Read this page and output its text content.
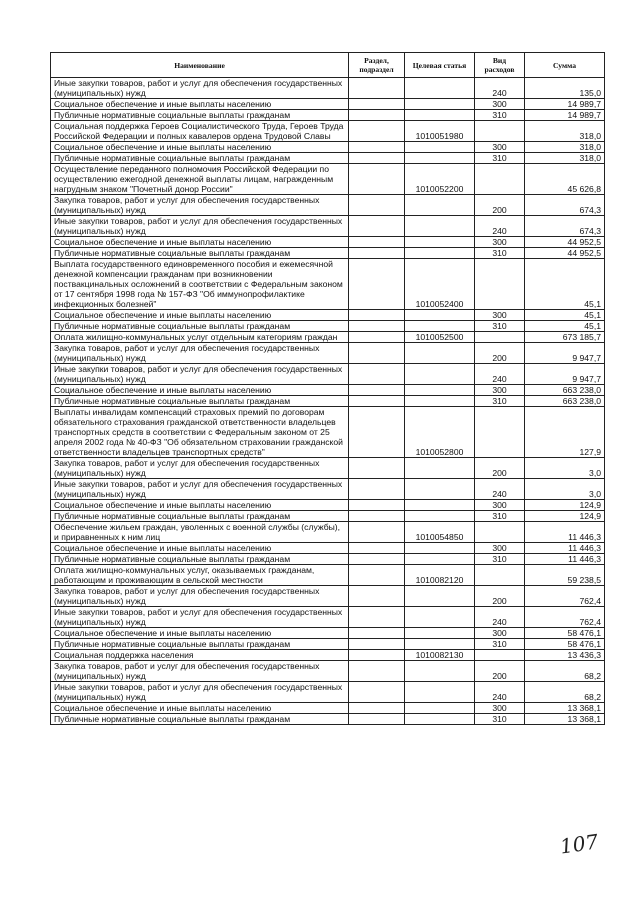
Наименование	Раздел, подраздел	Целевая статья	Вид расходов	Сумма
Иные закупки товаров, работ и услуг для обеспечения государственных (муниципальных) нужд			240	135,0
Социальное обеспечение и иные выплаты населению			300	14 989,7
Публичные нормативные социальные выплаты гражданам			310	14 989,7
Социальная поддержка Героев Социалистического Труда, Героев Труда Российской Федерации и полных кавалеров ордена Трудовой Славы		1010051980		318,0
Социальное обеспечение и иные выплаты населению			300	318,0
Публичные нормативные социальные выплаты гражданам			310	318,0
Осуществление переданного полномочия Российской Федерации по осуществлению ежегодной денежной выплаты лицам, награжденным нагрудным знаком "Почетный донор России"		1010052200		45 626,8
Закупка товаров, работ и услуг для обеспечения государственных (муниципальных) нужд			200	674,3
Иные закупки товаров, работ и услуг для обеспечения государственных (муниципальных) нужд			240	674,3
Социальное обеспечение и иные выплаты населению			300	44 952,5
Публичные нормативные социальные выплаты гражданам			310	44 952,5
Выплата государственного единовременного пособия и ежемесячной денежной компенсации гражданам при возникновении поствакцинальных осложнений в соответствии с Федеральным законом от 17 сентября 1998 года № 157-ФЗ "Об иммунопрофилактике инфекционных болезней"		1010052400		45,1
Социальное обеспечение и иные выплаты населению			300	45,1
Публичные нормативные социальные выплаты гражданам			310	45,1
Оплата жилищно-коммунальных услуг отдельным категориям граждан		1010052500		673 185,7
Закупка товаров, работ и услуг для обеспечения государственных (муниципальных) нужд			200	9 947,7
Иные закупки товаров, работ и услуг для обеспечения государственных (муниципальных) нужд			240	9 947,7
Социальное обеспечение и иные выплаты населению			300	663 238,0
Публичные нормативные социальные выплаты гражданам			310	663 238,0
Выплаты инвалидам компенсаций страховых премий по договорам обязательного страхования гражданской ответственности владельцев транспортных средств в соответствии с Федеральным законом от 25 апреля 2002 года № 40-ФЗ "Об обязательном страховании гражданской ответственности владельцев транспортных средств"		1010052800		127,9
Закупка товаров, работ и услуг для обеспечения государственных (муниципальных) нужд			200	3,0
Иные закупки товаров, работ и услуг для обеспечения государственных (муниципальных) нужд			240	3,0
Социальное обеспечение и иные выплаты населению			300	124,9
Публичные нормативные социальные выплаты гражданам			310	124,9
Обеспечение жильем граждан, уволенных с военной службы (службы), и приравненных к ним лиц		1010054850		11 446,3
Социальное обеспечение и иные выплаты населению			300	11 446,3
Публичные нормативные социальные выплаты гражданам			310	11 446,3
Оплата жилищно-коммунальных услуг, оказываемых гражданам, работающим и проживающим в сельской местности		1010082120		59 238,5
Закупка товаров, работ и услуг для обеспечения государственных (муниципальных) нужд			200	762,4
Иные закупки товаров, работ и услуг для обеспечения государственных (муниципальных) нужд			240	762,4
Социальное обеспечение и иные выплаты населению			300	58 476,1
Публичные нормативные социальные выплаты гражданам			310	58 476,1
Социальная поддержка населения		1010082130		13 436,3
Закупка товаров, работ и услуг для обеспечения государственных (муниципальных) нужд			200	68,2
Иные закупки товаров, работ и услуг для обеспечения государственных (муниципальных) нужд			240	68,2
Социальное обеспечение и иные выплаты населению			300	13 368,1
Публичные нормативные социальные выплаты гражданам			310	13 368,1
107
